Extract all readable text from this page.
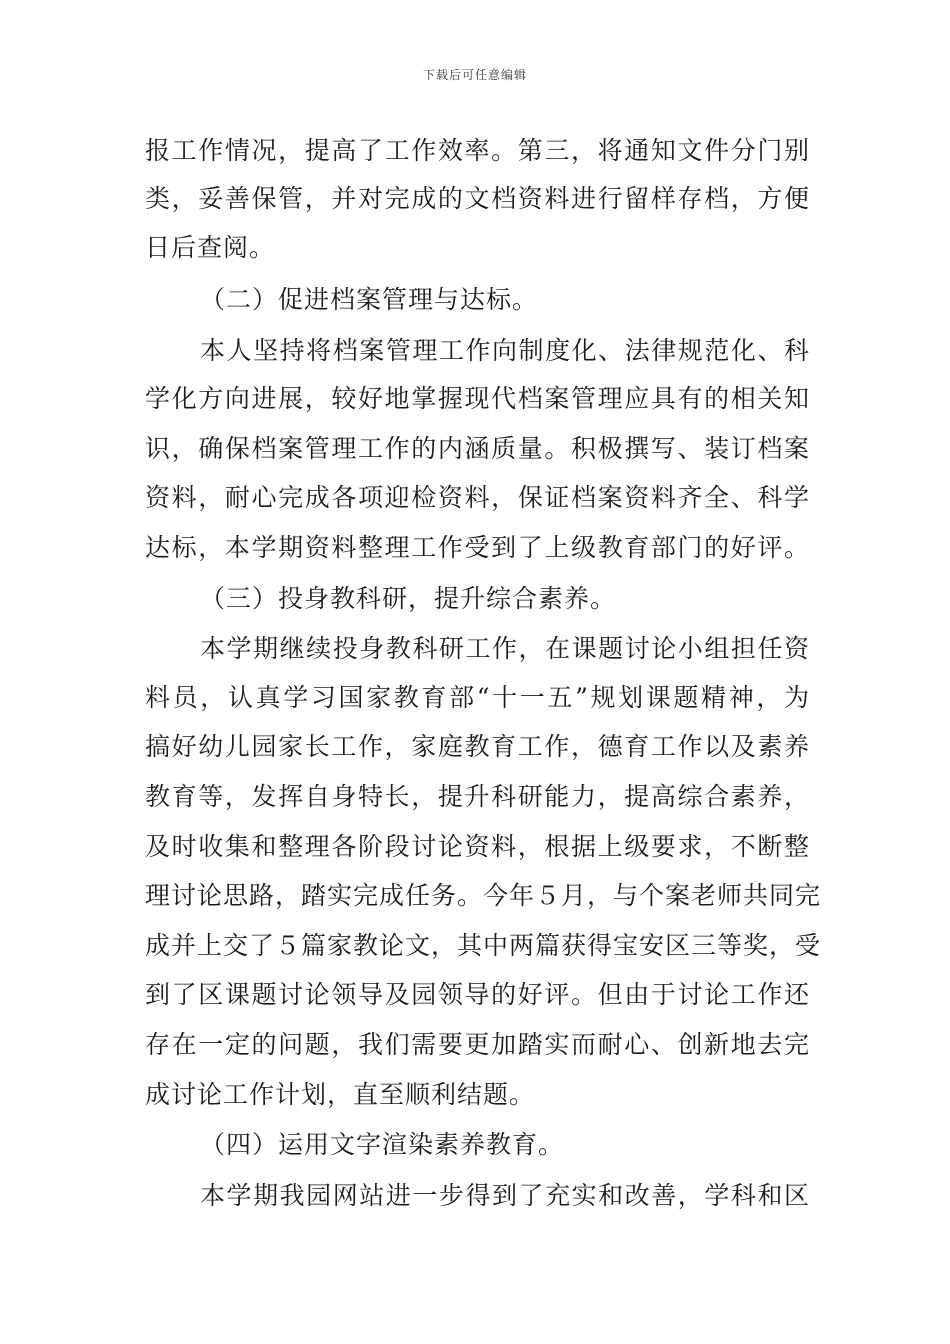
下载后可任意编辑
报工作情况，提高了工作效率。第三，将通知文件分门别
类，妥善保管，并对完成的文档资料进行留样存档，方便
日后查阅。
（二）促进档案管理与达标。
本人坚持将档案管理工作向制度化、法律规范化、科
学化方向进展，较好地掌握现代档案管理应具有的相关知
识，确保档案管理工作的内涵质量。积极撰写、装订档案
资料，耐心完成各项迎检资料，保证档案资料齐全、科学
达标，本学期资料整理工作受到了上级教育部门的好评。
（三）投身教科研，提升综合素养。
本学期继续投身教科研工作，在课题讨论小组担任资
料员，认真学习国家教育部“十一五”规划课题精神，为
搞好幼儿园家长工作，家庭教育工作，德育工作以及素养
教育等，发挥自身特长，提升科研能力，提高综合素养，
及时收集和整理各阶段讨论资料，根据上级要求，不断整
理讨论思路，踏实完成任务。今年５月，与个案老师共同完
成并上交了５篇家教论文，其中两篇获得宝安区三等奖，受
到了区课题讨论领导及园领导的好评。但由于讨论工作还
存在一定的问题，我们需要更加踏实而耐心、创新地去完
成讨论工作计划，直至顺利结题。
（四）运用文字渲染素养教育。
本学期我园网站进一步得到了充实和改善，学科和区
